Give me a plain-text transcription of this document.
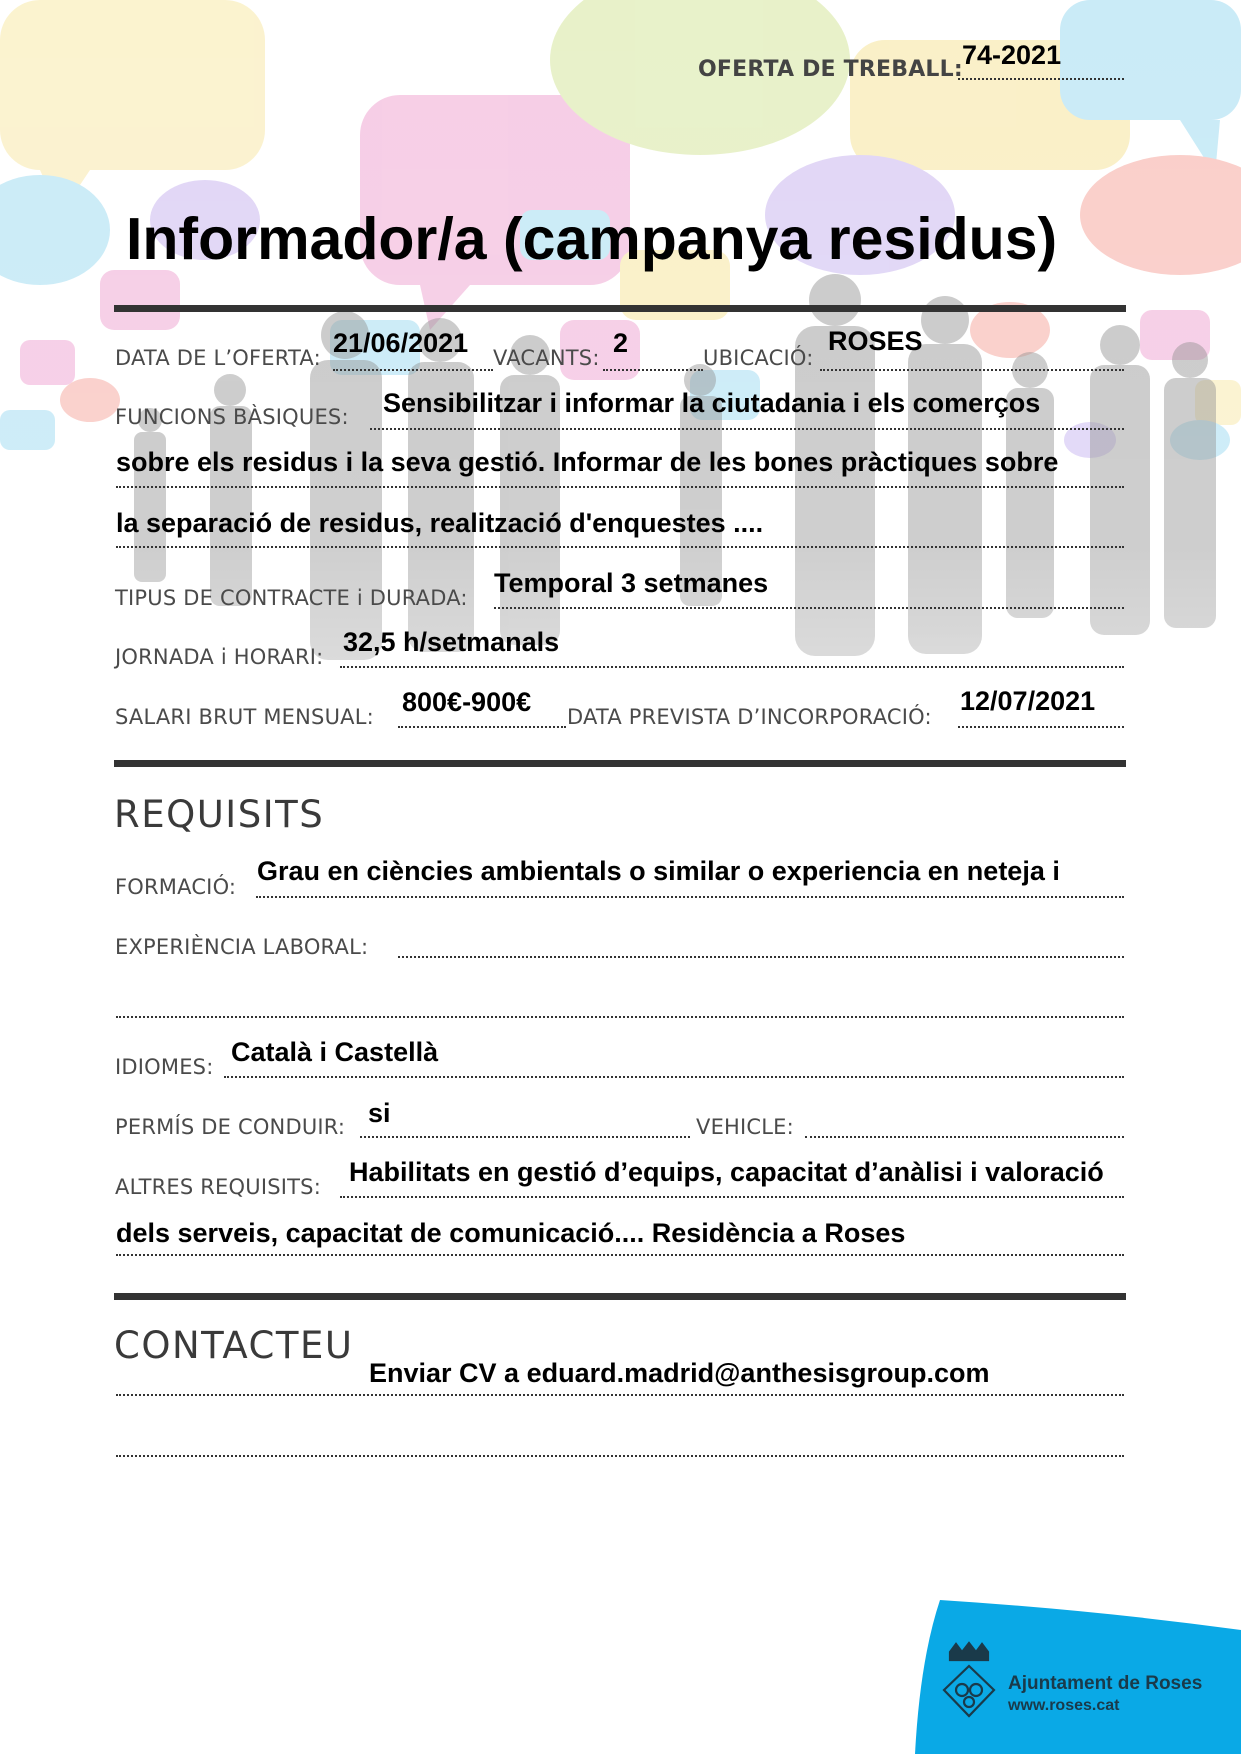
OFERTA DE TREBALL: 74-2021
Informador/a (campanya residus)
DATA DE L’OFERTA: 21/06/2021 VACANTS: 2	UBICACIÓ:
ROSES
FUNCIONS BÀSIQUES: Sensibilitzar i informar la ciutadania i els comerços
sobre els residus i la seva gestió. Informar de les bones pràctiques sobre
la separació de residus, realització d'enquestes ....
TIPUS DE CONTRACTE i DURADA: Temporal 3 setmanes
JORNADA i HORARI: 32,5 h/setmanals
SALARI BRUT MENSUAL: 800€-900€ DATA PREVISTA D’INCORPORACIÓ:
12/07/2021
REQUISITS
FORMACIÓ:
Grau en ciències ambientals o similar o experiencia en neteja i
EXPERIÈNCIA LABORAL:
IDIOMES: Català i Castellà
PERMÍS DE CONDUIR: si	VEHICLE:
ALTRES REQUISITS: Habilitats en gestió d’equips, capacitat d’anàlisi i valoració
dels serveis, capacitat de comunicació.... Residència a Roses
CONTACTEU
Enviar CV a eduard.madrid@anthesisgroup.com
Ajuntament de Roses
www.roses.cat
